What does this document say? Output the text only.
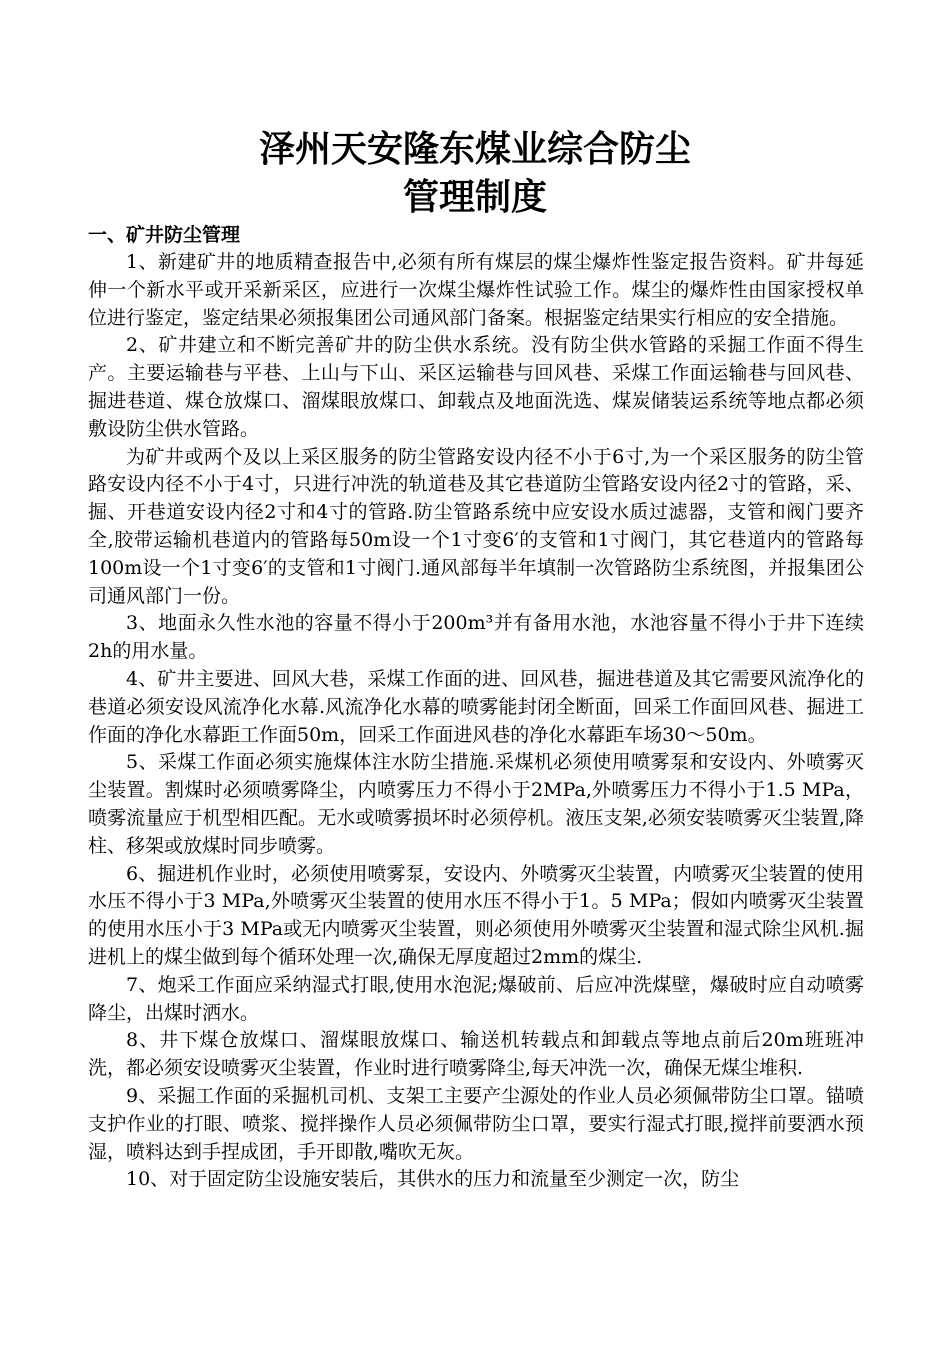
泽州天安隆东煤业综合防尘
管理制度
一、矿井防尘管理

1、新建矿井的地质精查报告中,必须有所有煤层的煤尘爆炸性鉴定报告资料。矿井每延伸一个新水平或开采新采区，应进行一次煤尘爆炸性试验工作。煤尘的爆炸性由国家授权单位进行鉴定，鉴定结果必须报集团公司通风部门备案。根据鉴定结果实行相应的安全措施。

2、矿井建立和不断完善矿井的防尘供水系统。没有防尘供水管路的采掘工作面不得生产。主要运输巷与平巷、上山与下山、采区运输巷与回风巷、采煤工作面运输巷与回风巷、掘进巷道、煤仓放煤口、溜煤眼放煤口、卸载点及地面洗选、煤炭储装运系统等地点都必须敷设防尘供水管路。

为矿井或两个及以上采区服务的防尘管路安设内径不小于6寸,为一个采区服务的防尘管路安设内径不小于4寸，只进行冲洗的轨道巷及其它巷道防尘管路安设内径2寸的管路，采、掘、开巷道安设内径2寸和4寸的管路.防尘管路系统中应安设水质过滤器，支管和阀门要齐全,胶带运输机巷道内的管路每50m设一个1寸变6′的支管和1寸阀门，其它巷道内的管路每100m设一个1寸变6′的支管和1寸阀门.通风部每半年填制一次管路防尘系统图，并报集团公司通风部门一份。

3、地面永久性水池的容量不得小于200m³并有备用水池，水池容量不得小于井下连续2h的用水量。

4、矿井主要进、回风大巷，采煤工作面的进、回风巷，掘进巷道及其它需要风流净化的巷道必须安设风流净化水幕.风流净化水幕的喷雾能封闭全断面，回采工作面回风巷、掘进工作面的净化水幕距工作面50m，回采工作面进风巷的净化水幕距车场30～50m。

5、采煤工作面必须实施煤体注水防尘措施.采煤机必须使用喷雾泵和安设内、外喷雾灭尘装置。割煤时必须喷雾降尘，内喷雾压力不得小于2MPa,外喷雾压力不得小于1.5 MPa，喷雾流量应于机型相匹配。无水或喷雾损坏时必须停机。液压支架,必须安装喷雾灭尘装置,降柱、移架或放煤时同步喷雾。

6、掘进机作业时，必须使用喷雾泵，安设内、外喷雾灭尘装置，内喷雾灭尘装置的使用水压不得小于3 MPa,外喷雾灭尘装置的使用水压不得小于1。5 MPa；假如内喷雾灭尘装置的使用水压小于3 MPa或无内喷雾灭尘装置，则必须使用外喷雾灭尘装置和湿式除尘风机.掘进机上的煤尘做到每个循环处理一次,确保无厚度超过2mm的煤尘.

7、炮采工作面应采纳湿式打眼,使用水泡泥;爆破前、后应冲洗煤壁，爆破时应自动喷雾降尘，出煤时洒水。

8、井下煤仓放煤口、溜煤眼放煤口、输送机转载点和卸载点等地点前后20m班班冲洗，都必须安设喷雾灭尘装置，作业时进行喷雾降尘,每天冲洗一次，确保无煤尘堆积.

9、采掘工作面的采掘机司机、支架工主要产尘源处的作业人员必须佩带防尘口罩。锚喷支护作业的打眼、喷浆、搅拌操作人员必须佩带防尘口罩，要实行湿式打眼,搅拌前要洒水预湿，喷料达到手捏成团，手开即散,嘴吹无灰。

10、对于固定防尘设施安装后，其供水的压力和流量至少测定一次，防尘
